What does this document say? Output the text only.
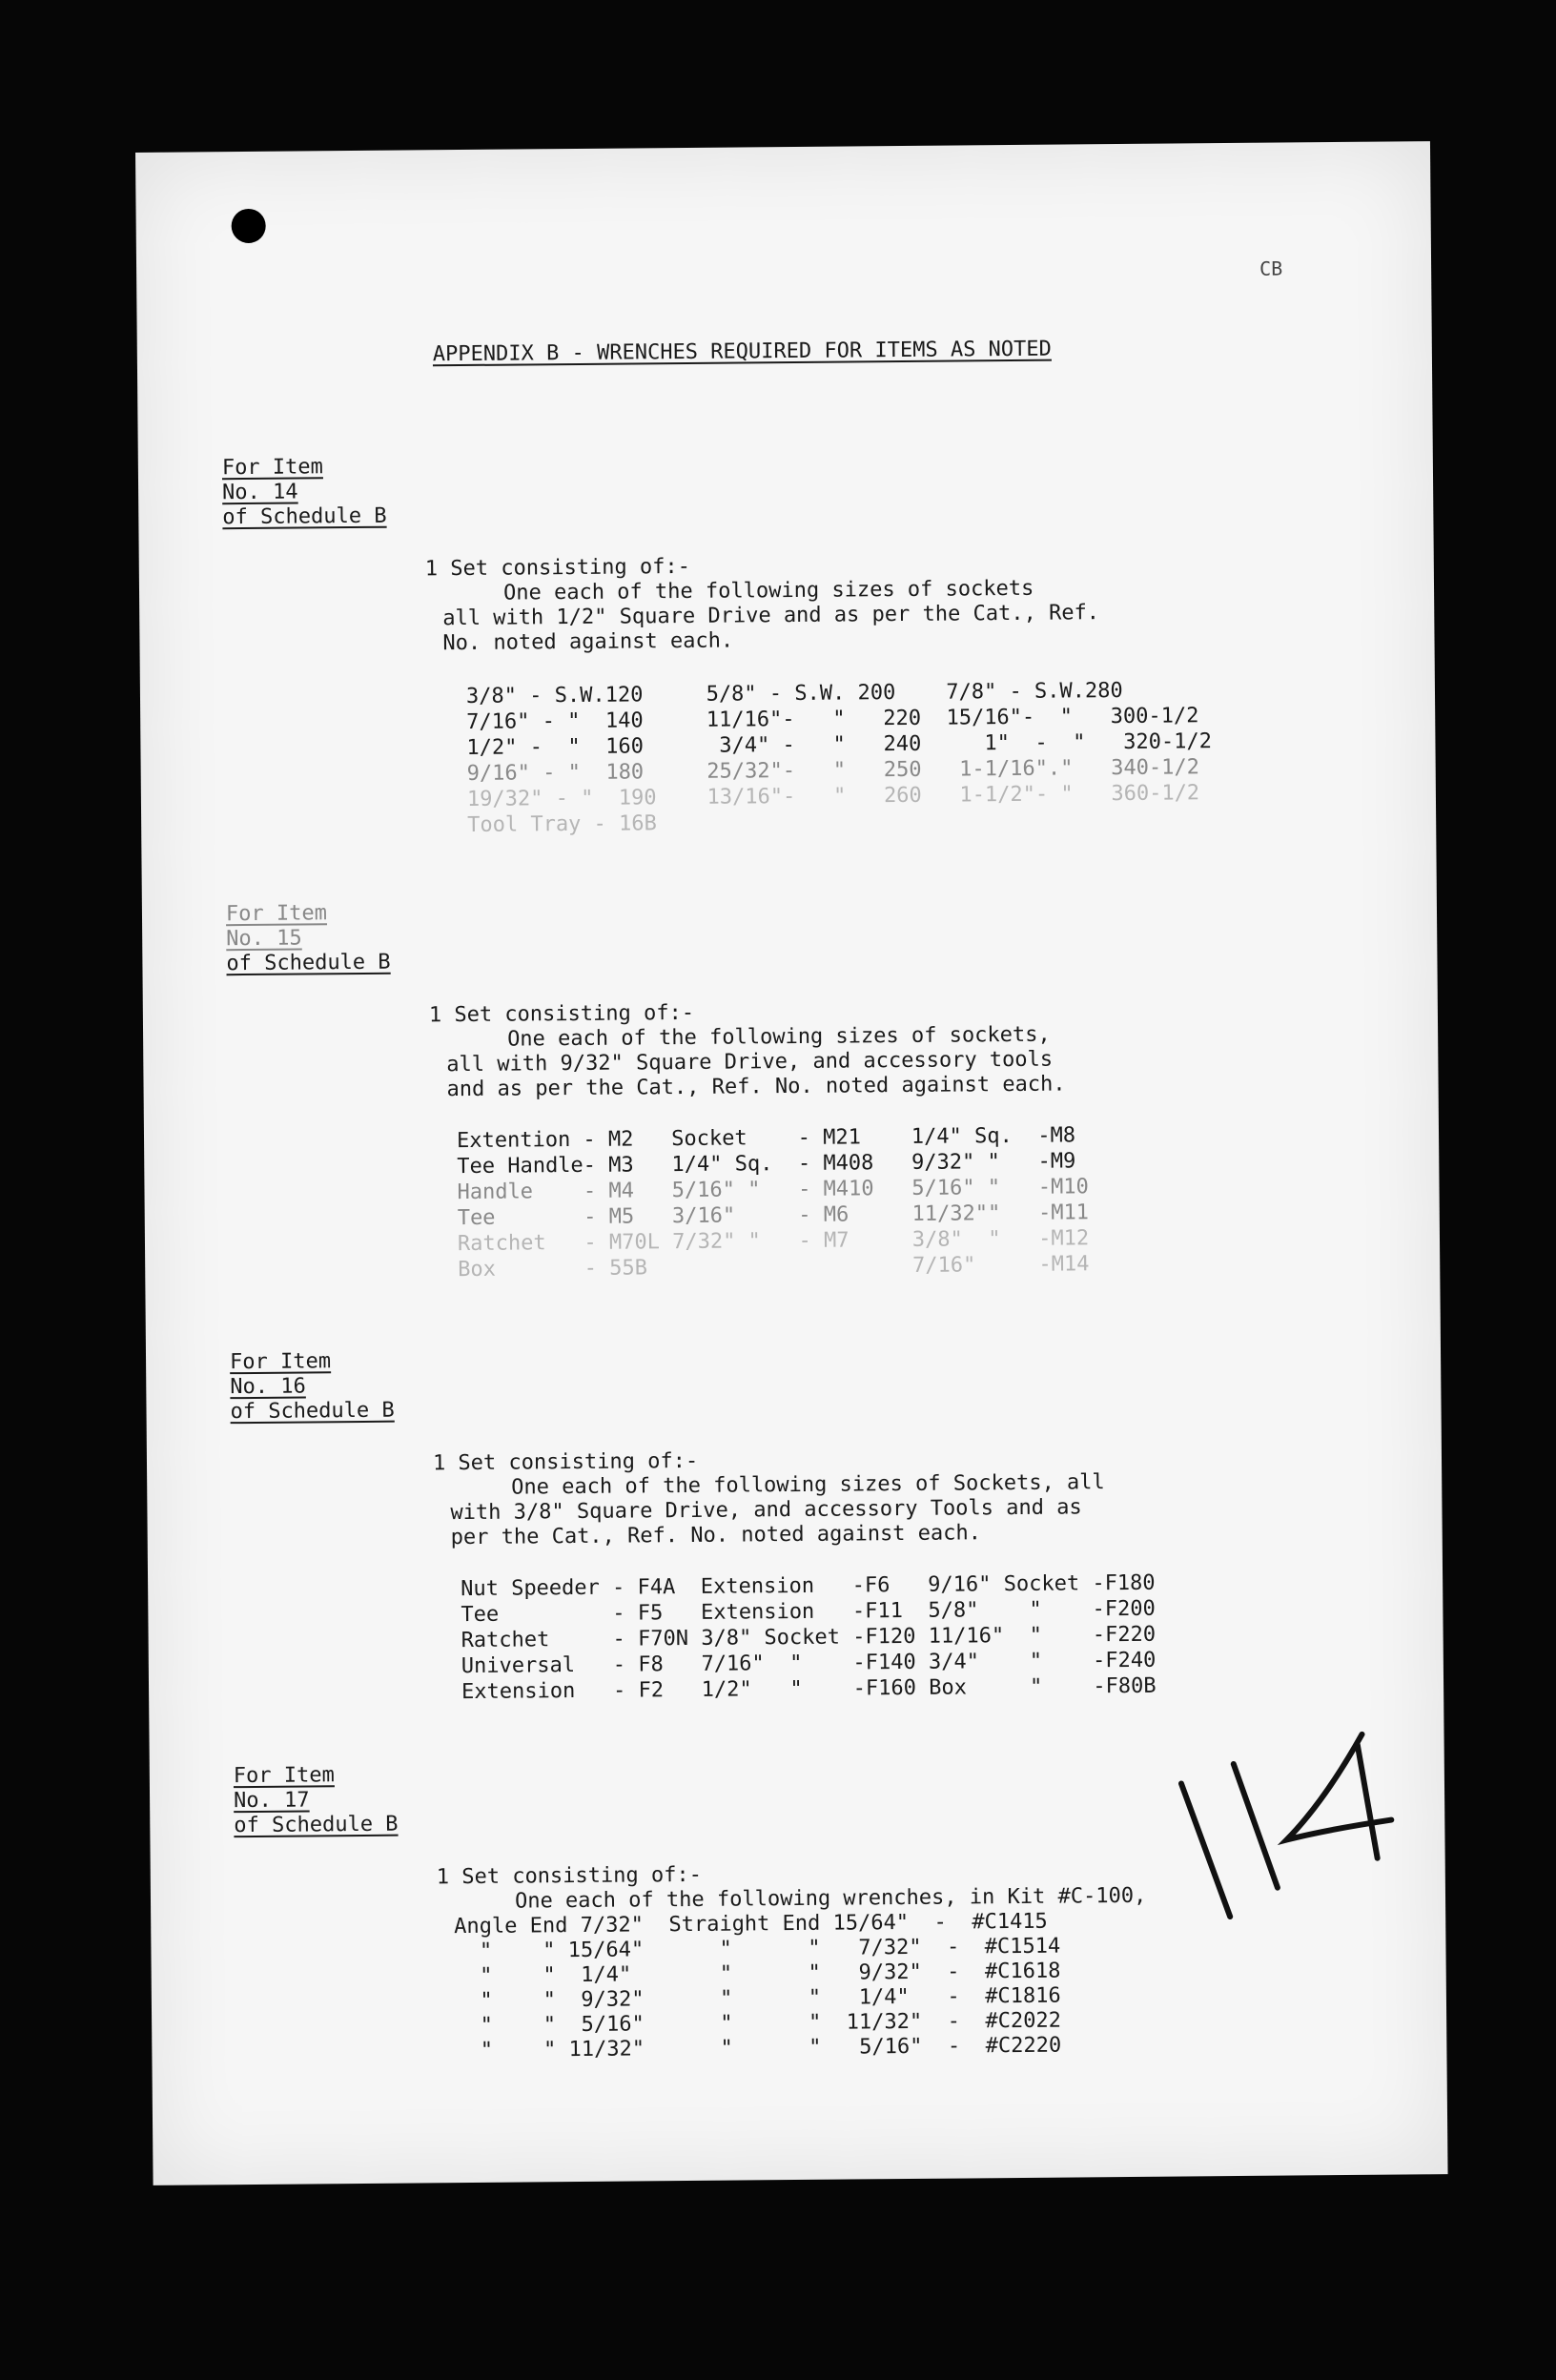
CB
APPENDIX B - WRENCHES REQUIRED FOR ITEMS AS NOTED
For Item
No. 14
of Schedule B
1 Set consisting of:-
One each of the following sizes of sockets
all with 1/2" Square Drive and as per the Cat., Ref.
No. noted against each.
3/8" - S.W.120     5/8" - S.W. 200    7/8" - S.W.280
7/16" - "  140     11/16"-   "   220  15/16"-  "   300-1/2
1/2" -  "  160      3/4" -   "   240     1"  -  "   320-1/2
9/16" - "  180     25/32"-   "   250   1-1/16"."   340-1/2
19/32" - "  190    13/16"-   "   260   1-1/2"- "   360-1/2
Tool Tray - 16B
For Item
No. 15
of Schedule B
1 Set consisting of:-
One each of the following sizes of sockets,
all with 9/32" Square Drive, and accessory tools
and as per the Cat., Ref. No. noted against each.
Extention - M2   Socket    - M21    1/4" Sq.  -M8
Tee Handle- M3   1/4" Sq.  - M408   9/32" "   -M9
Handle    - M4   5/16" "   - M410   5/16" "   -M10
Tee       - M5   3/16"     - M6     11/32""   -M11
Ratchet   - M70L 7/32" "   - M7     3/8"  "   -M12
Box       - 55B                     7/16"     -M14
For Item
No. 16
of Schedule B
1 Set consisting of:-
One each of the following sizes of Sockets, all
with 3/8" Square Drive, and accessory Tools and as
per the Cat., Ref. No. noted against each.
Nut Speeder - F4A  Extension   -F6   9/16" Socket -F180
Tee         - F5   Extension   -F11  5/8"    "    -F200
Ratchet     - F70N 3/8" Socket -F120 11/16"  "    -F220
Universal   - F8   7/16"  "    -F140 3/4"    "    -F240
Extension   - F2   1/2"   "    -F160 Box     "    -F80B
For Item
No. 17
of Schedule B
1 Set consisting of:-
One each of the following wrenches, in Kit #C-100,
Angle End 7/32"  Straight End 15/64"  -  #C1415
"    " 15/64"      "      "   7/32"  -  #C1514
"    "  1/4"       "      "   9/32"  -  #C1618
"    "  9/32"      "      "   1/4"   -  #C1816
"    "  5/16"      "      "  11/32"  -  #C2022
"    " 11/32"      "      "   5/16"  -  #C2220
